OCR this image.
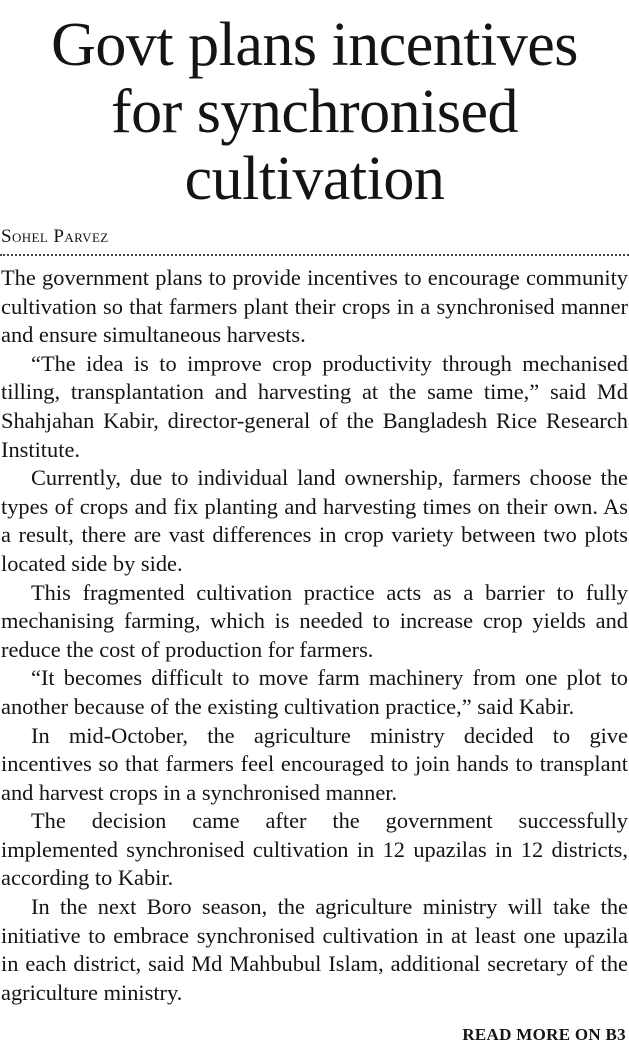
Govt plans incentives
for synchronised
cultivation
Sohel Parvez

The government plans to provide incentives to encourage community cultivation so that farmers plant their crops in a synchronised manner and ensure simultaneous harvests.

“The idea is to improve crop productivity through mechanised tilling, transplantation and harvesting at the same time,” said Md Shahjahan Kabir, director-general of the Bangladesh Rice Research Institute.

Currently, due to individual land ownership, farmers choose the types of crops and fix planting and harvesting times on their own. As a result, there are vast differences in crop variety between two plots located side by side.

This fragmented cultivation practice acts as a barrier to fully mechanising farming, which is needed to increase crop yields and reduce the cost of production for farmers.

“It becomes difficult to move farm machinery from one plot to another because of the existing cultivation practice,” said Kabir.

In mid-October, the agriculture ministry decided to give incentives so that farmers feel encouraged to join hands to transplant and harvest crops in a synchronised manner.

The decision came after the government successfully implemented synchronised cultivation in 12 upazilas in 12 districts, according to Kabir.

In the next Boro season, the agriculture ministry will take the initiative to embrace synchronised cultivation in at least one upazila in each district, said Md Mahbubul Islam, additional secretary of the agriculture ministry.

READ MORE ON B3
